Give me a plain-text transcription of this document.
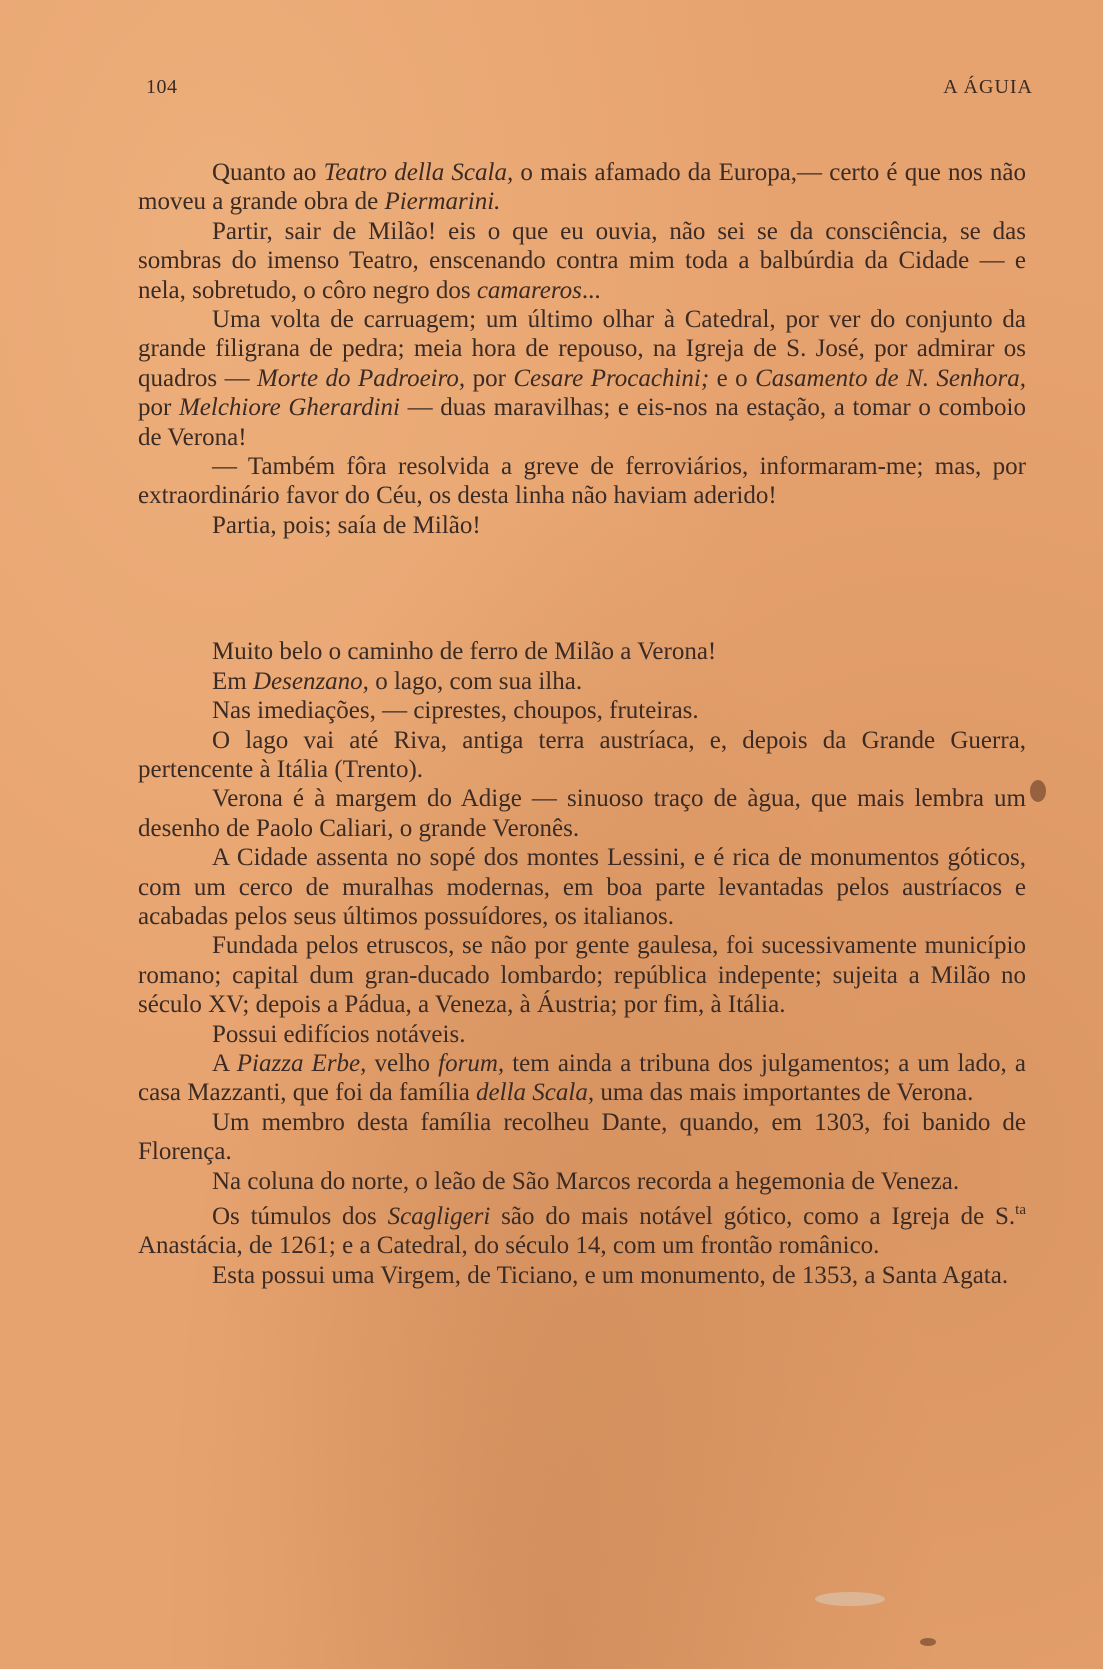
104	A ÁGUIA

Quanto ao Teatro della Scala, o mais afamado da Europa,— certo é que nos não moveu a grande obra de Piermarini.

Partir, sair de Milão! eis o que eu ouvia, não sei se da consciência, se das sombras do imenso Teatro, enscenando contra mim toda a balbúrdia da Cidade — e nela, sobretudo, o côro negro dos camareros...

Uma volta de carruagem; um último olhar à Catedral, por ver do conjunto da grande filigrana de pedra; meia hora de repouso, na Igreja de S. José, por admirar os quadros — Morte do Padroeiro, por Cesare Procachini; e o Casamento de N. Senhora, por Melchiore Gherardini — duas maravilhas; e eis-nos na estação, a tomar o comboio de Verona!

— Também fôra resolvida a greve de ferroviários, informaram-me; mas, por extraordinário favor do Céu, os desta linha não haviam aderido!

Partia, pois; saía de Milão!

Muito belo o caminho de ferro de Milão a Verona!

Em Desenzano, o lago, com sua ilha.

Nas imediações, — ciprestes, choupos, fruteiras.

O lago vai até Riva, antiga terra austríaca, e, depois da Grande Guerra, pertencente à Itália (Trento).

Verona é à margem do Adige — sinuoso traço de àgua, que mais lembra um desenho de Paolo Caliari, o grande Veronês.

A Cidade assenta no sopé dos montes Lessini, e é rica de monumentos góticos, com um cerco de muralhas modernas, em boa parte levantadas pelos austríacos e acabadas pelos seus últimos possuídores, os italianos.

Fundada pelos etruscos, se não por gente gaulesa, foi sucessivamente município romano; capital dum gran-ducado lombardo; república indepente; sujeita a Milão no século XV; depois a Pádua, a Veneza, à Áustria; por fim, à Itália.

Possui edifícios notáveis.

A Piazza Erbe, velho forum, tem ainda a tribuna dos julgamentos; a um lado, a casa Mazzanti, que foi da família della Scala, uma das mais importantes de Verona.

Um membro desta família recolheu Dante, quando, em 1303, foi banido de Florença.

Na coluna do norte, o leão de São Marcos recorda a hegemonia de Veneza.

Os túmulos dos Scagligeri são do mais notável gótico, como a Igreja de S.$^{ta}$ Anastácia, de 1261; e a Catedral, do século 14, com um frontão românico.

Esta possui uma Virgem, de Ticiano, e um monumento, de 1353, a Santa Agata.
